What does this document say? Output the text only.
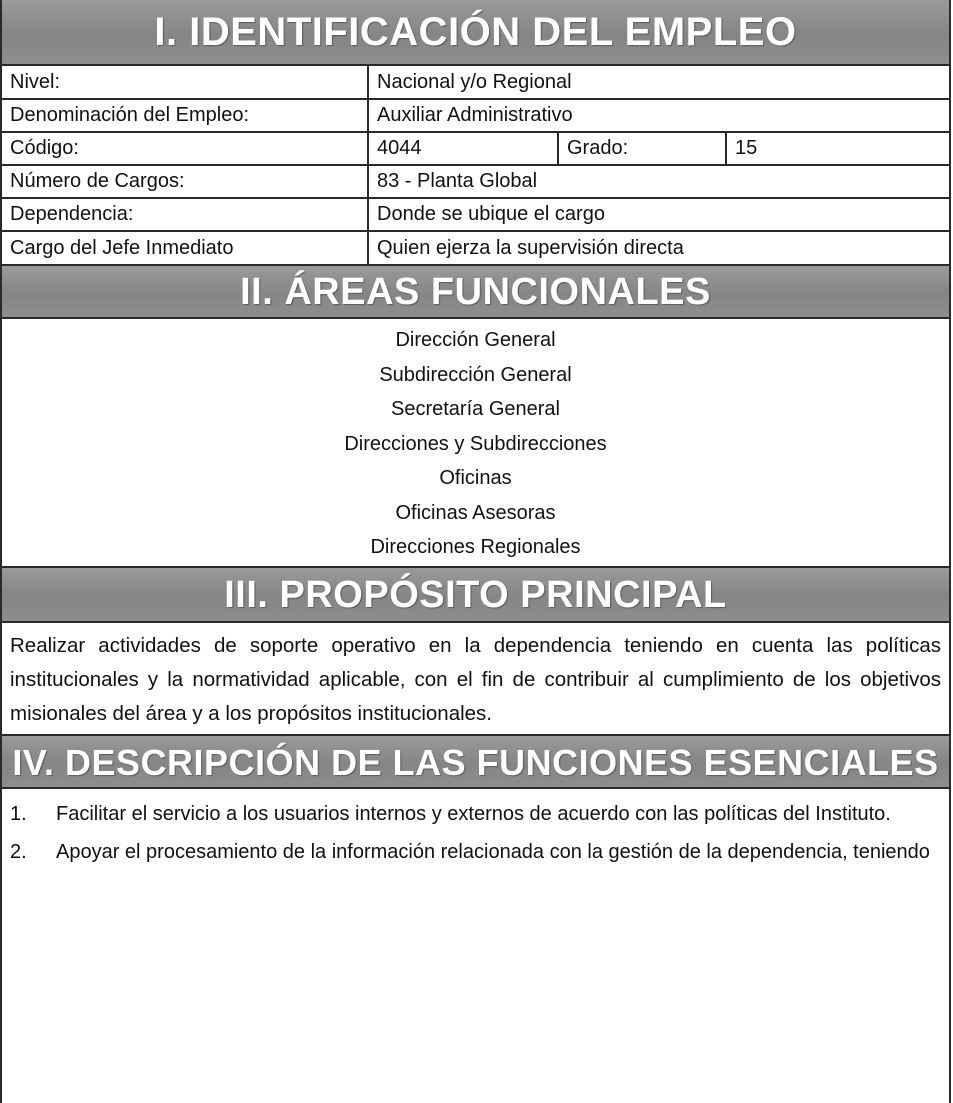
I. IDENTIFICACIÓN DEL EMPLEO
Nivel:	Nacional y/o Regional		
Denominación del Empleo:	Auxiliar Administrativo		
Código:	4044	Grado:	15
Número de Cargos:	83 - Planta Global		
Dependencia:	Donde se ubique el cargo		
Cargo del Jefe Inmediato	Quien ejerza la supervisión directa		
II. ÁREAS FUNCIONALES
Dirección General
Subdirección General
Secretaría General
Direcciones y Subdirecciones
Oficinas
Oficinas Asesoras
Direcciones Regionales
III. PROPÓSITO PRINCIPAL
Realizar actividades de soporte operativo en la dependencia teniendo en cuenta las políticas institucionales y la normatividad aplicable, con el fin de contribuir al cumplimiento de los objetivos misionales del área y a los propósitos institucionales.
IV. DESCRIPCIÓN DE LAS FUNCIONES ESENCIALES
1.	Facilitar el servicio a los usuarios internos y externos de acuerdo con las políticas del Instituto.
2.	Apoyar el procesamiento de la información relacionada con la gestión de la dependencia, teniendo
